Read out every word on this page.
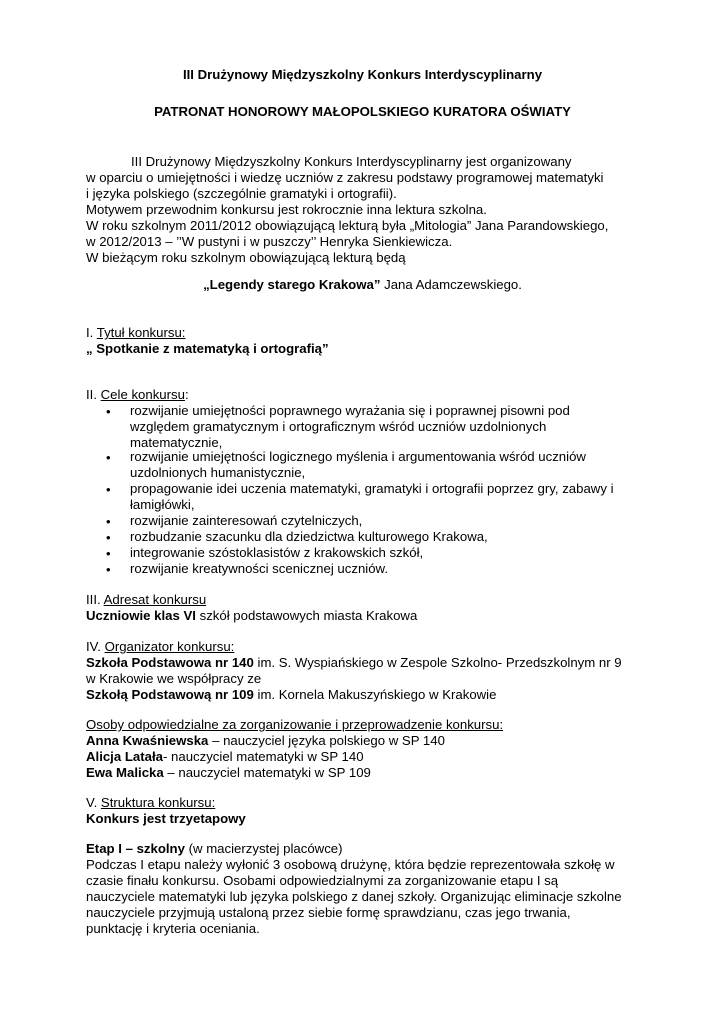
III Drużynowy Międzyszkolny Konkurs Interdyscyplinarny
PATRONAT HONOROWY MAŁOPOLSKIEGO KURATORA OŚWIATY
III Drużynowy Międzyszkolny Konkurs Interdyscyplinarny jest organizowany
w oparciu o umiejętności i wiedzę uczniów z zakresu podstawy programowej matematyki
i języka polskiego (szczególnie gramatyki i ortografii).
Motywem przewodnim konkursu jest rokrocznie inna lektura szkolna.
W roku szkolnym 2011/2012 obowiązującą lekturą była „Mitologia” Jana Parandowskiego,
w 2012/2013 – ’’W pustyni i w puszczy’’ Henryka Sienkiewicza.
W bieżącym roku szkolnym obowiązującą lekturą będą
„Legendy starego Krakowa” Jana Adamczewskiego.
I. Tytuł konkursu:
„ Spotkanie z matematyką i ortografią”
II. Cele konkursu:
• rozwijanie umiejętności poprawnego wyrażania się i poprawnej pisowni pod
względem gramatycznym i ortograficznym wśród uczniów uzdolnionych
matematycznie,
• rozwijanie umiejętności logicznego myślenia i argumentowania wśród uczniów
uzdolnionych humanistycznie,
• propagowanie idei uczenia matematyki, gramatyki i ortografii poprzez gry, zabawy i
łamigłówki,
• rozwijanie zainteresowań czytelniczych,
• rozbudzanie szacunku dla dziedzictwa kulturowego Krakowa,
• integrowanie szóstoklasistów z krakowskich szkół,
• rozwijanie kreatywności scenicznej uczniów.
III. Adresat konkursu
Uczniowie klas VI szkół podstawowych miasta Krakowa
IV. Organizator konkursu:
Szkoła Podstawowa nr 140 im. S. Wyspiańskiego w Zespole Szkolno- Przedszkolnym nr 9
w Krakowie we współpracy ze
Szkołą Podstawową nr 109 im. Kornela Makuszyńskiego w Krakowie
Osoby odpowiedzialne za zorganizowanie i przeprowadzenie konkursu:
Anna Kwaśniewska – nauczyciel języka polskiego w SP 140
Alicja Latała- nauczyciel matematyki w SP 140
Ewa Malicka – nauczyciel matematyki w SP 109
V. Struktura konkursu:
Konkurs jest trzyetapowy
Etap I – szkolny (w macierzystej placówce)
Podczas I etapu należy wyłonić 3 osobową drużynę, która będzie reprezentowała szkołę w
czasie finału konkursu. Osobami odpowiedzialnymi za zorganizowanie etapu I są
nauczyciele matematyki lub języka polskiego z danej szkoły. Organizując eliminacje szkolne
nauczyciele przyjmują ustaloną przez siebie formę sprawdzianu, czas jego trwania,
punktację i kryteria oceniania.
